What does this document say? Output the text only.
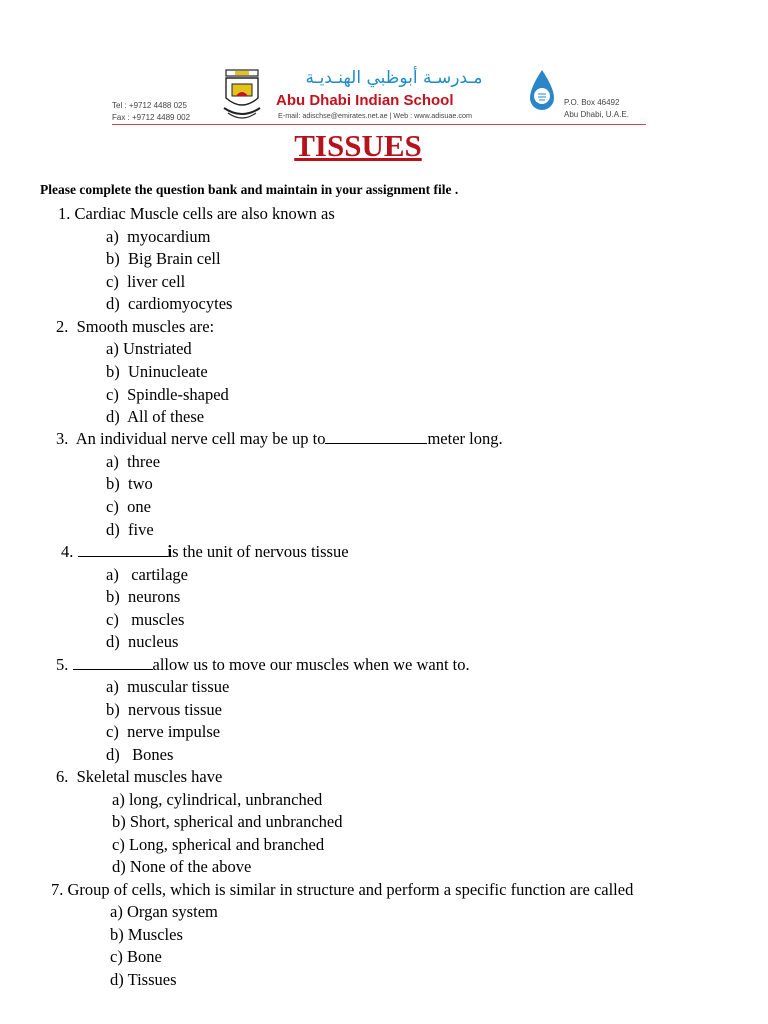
Tel : +9712 4488 025
Fax : +9712 4489 002
مـدرسـة أبوظبي الهنـديـة
Abu Dhabi Indian School
E-mail: adischse@emirates.net.ae | Web : www.adisuae.com
P.O. Box 46492
Abu Dhabi, U.A.E.
TISSUES
Please complete the question bank and maintain in your assignment file .
1. Cardiac Muscle cells are also known as
a) myocardium
b) Big Brain cell
c) liver cell
d) cardiomyocytes
2. Smooth muscles are:
a) Unstriated
b) Uninucleate
c) Spindle-shaped
d) All of these
3. An individual nerve cell may be up to	meter long.
a) three
b) two
c) one
d) five
4.	is the unit of nervous tissue
a) cartilage
b) neurons
c) muscles
d) nucleus
5.	allow us to move our muscles when we want to.
a) muscular tissue
b) nervous tissue
c) nerve impulse
d) Bones
6. Skeletal muscles have
a) long, cylindrical, unbranched
b) Short, spherical and unbranched
c) Long, spherical and branched
d) None of the above
7. Group of cells, which is similar in structure and perform a specific function are called
a) Organ system
b) Muscles
c) Bone
d) Tissues
